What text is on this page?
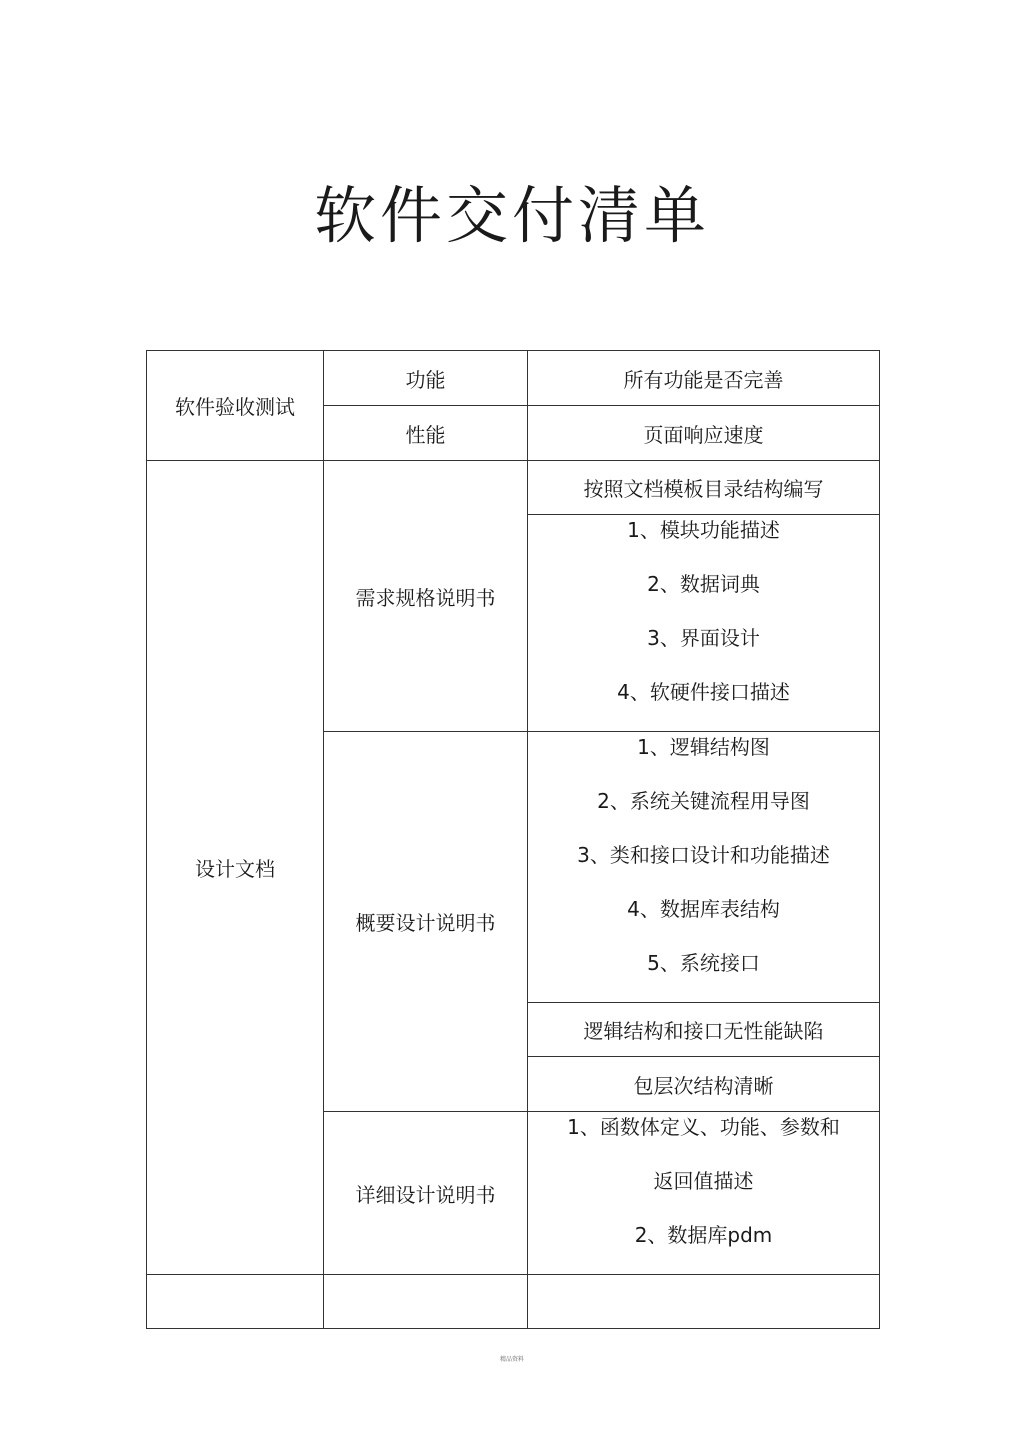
软件交付清单
软件验收测试	功能	所有功能是否完善
	性能	页面响应速度
设计文档	需求规格说明书	按照文档模板目录结构编写

		1、模块功能描述
2、数据词典
3、界面设计
4、软硬件接口描述

	概要设计说明书	1、逻辑结构图
2、系统关键流程用导图
3、类和接口设计和功能描述
4、数据库表结构
5、系统接口

		逻辑结构和接口无性能缺陷
		包层次结构清晰
	详细设计说明书	1、函数体定义、功能、参数和
返回值描述
2、数据库pdm

精品资料
